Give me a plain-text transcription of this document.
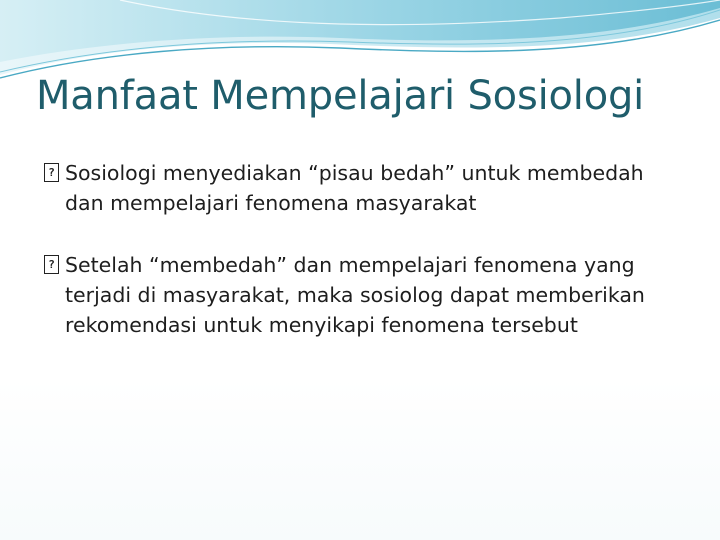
Manfaat Mempelajari Sosiologi
?
Sosiologi menyediakan “pisau bedah” untuk membedah dan mempelajari fenomena masyarakat
?
Setelah “membedah” dan mempelajari fenomena yang terjadi di masyarakat, maka sosiolog dapat memberikan rekomendasi untuk menyikapi fenomena tersebut
